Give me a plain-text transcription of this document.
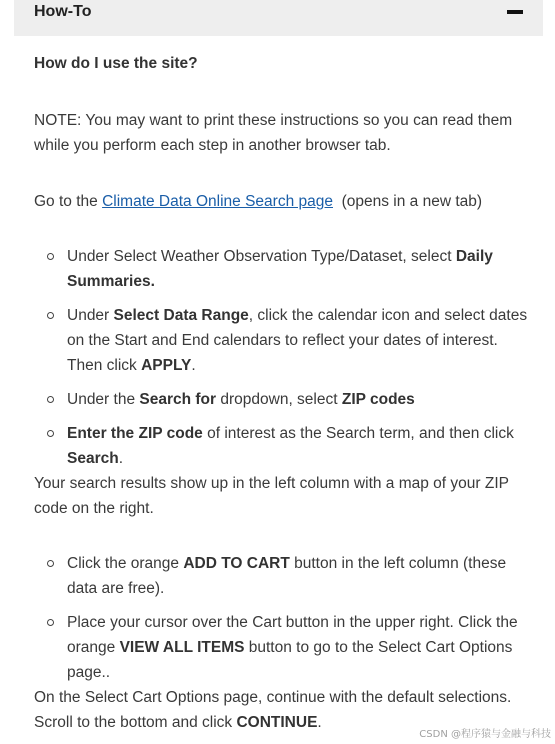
How-To

How do I use the site?

NOTE: You may want to print these instructions so you can read them while you perform each step in another browser tab.

Go to the Climate Data Online Search page  (opens in a new tab)

Under Select Weather Observation Type/Dataset, select Daily Summaries.
Under Select Data Range, click the calendar icon and select dates on the Start and End calendars to reflect your dates of interest. Then click APPLY.
Under the Search for dropdown, select ZIP codes
Enter the ZIP code of interest as the Search term, and then click Search.

Your search results show up in the left column with a map of your ZIP code on the right.

Click the orange ADD TO CART button in the left column (these data are free).
Place your cursor over the Cart button in the upper right. Click the orange VIEW ALL ITEMS button to go to the Select Cart Options page..

On the Select Cart Options page, continue with the default selections. Scroll to the bottom and click CONTINUE.

CSDN @程序猿与金融与科技
